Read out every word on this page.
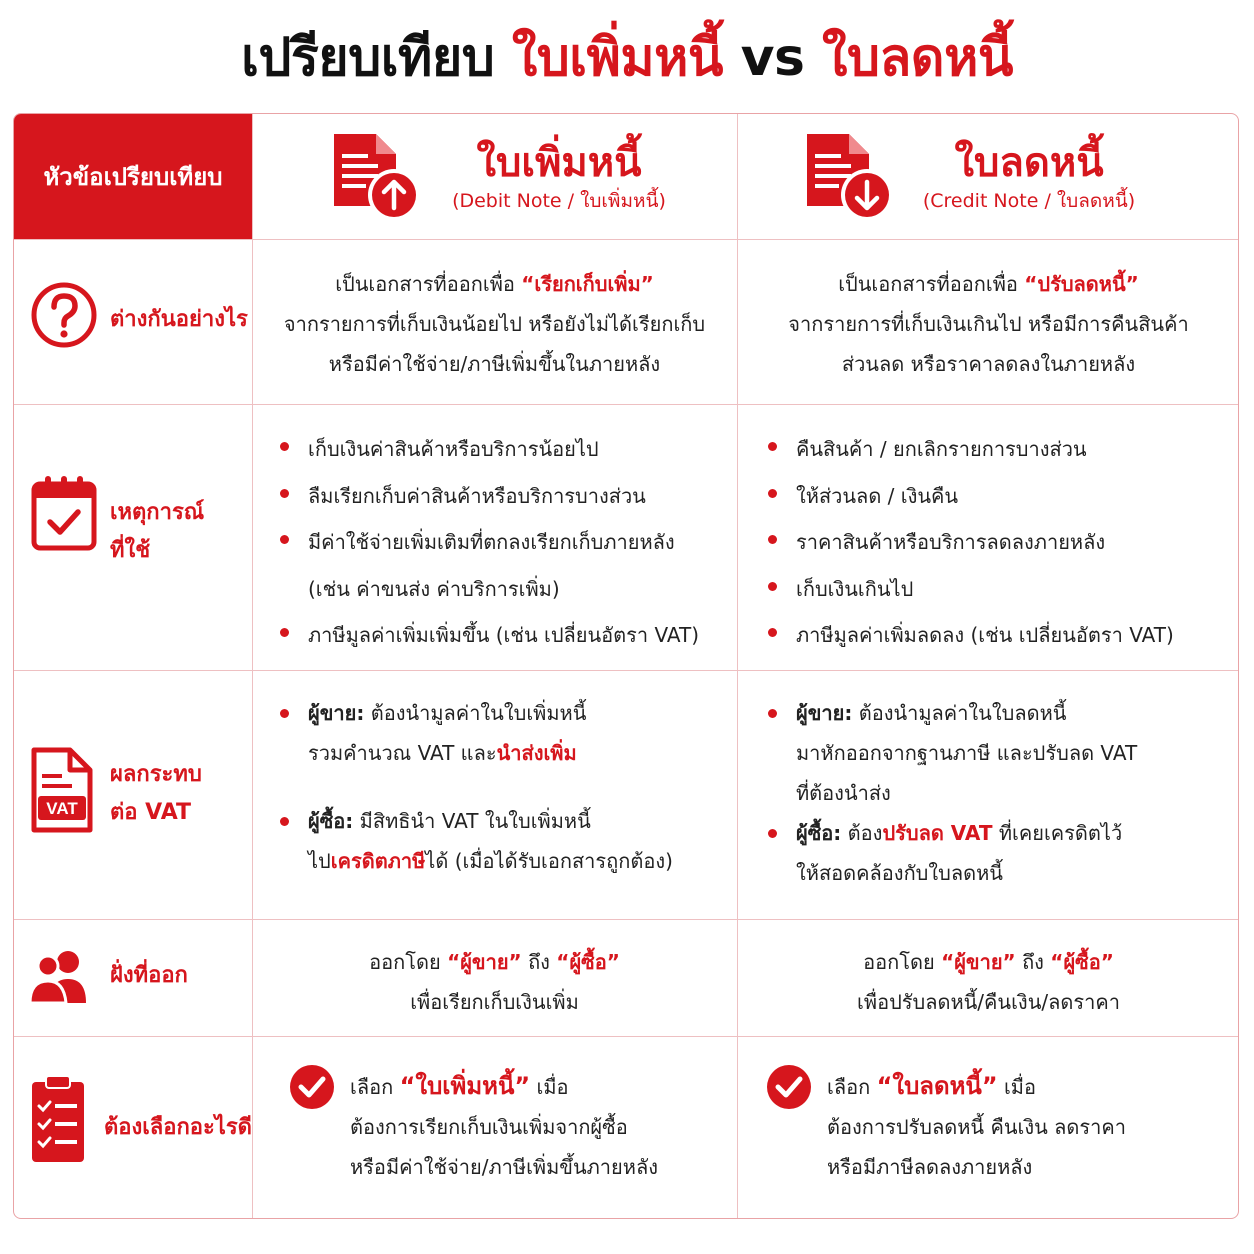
เปรียบเทียบ ใบเพิ่มหนี้ vs ใบลดหนี้
หัวข้อเปรียบเทียบ	ใบเพิ่มหนี้
(Debit Note / ใบเพิ่มหนี้)
ใบลดหนี้
(Credit Note / ใบลดหนี้)
ต่างกันอย่างไร
เป็นเอกสารที่ออกเพื่อ “เรียกเก็บเพิ่ม”
จากรายการที่เก็บเงินน้อยไป หรือยังไม่ได้เรียกเก็บ
หรือมีค่าใช้จ่าย/ภาษีเพิ่มขึ้นในภายหลัง
เป็นเอกสารที่ออกเพื่อ “ปรับลดหนี้”
จากรายการที่เก็บเงินเกินไป หรือมีการคืนสินค้า
ส่วนลด หรือราคาลดลงในภายหลัง
เหตุการณ์
ที่ใช้
เก็บเงินค่าสินค้าหรือบริการน้อยไป
ลืมเรียกเก็บค่าสินค้าหรือบริการบางส่วน
มีค่าใช้จ่ายเพิ่มเติมที่ตกลงเรียกเก็บภายหลัง
(เช่น ค่าขนส่ง ค่าบริการเพิ่ม)
ภาษีมูลค่าเพิ่มเพิ่มขึ้น (เช่น เปลี่ยนอัตรา VAT)
คืนสินค้า / ยกเลิกรายการบางส่วน
ให้ส่วนลด / เงินคืน
ราคาสินค้าหรือบริการลดลงภายหลัง
เก็บเงินเกินไป
ภาษีมูลค่าเพิ่มลดลง (เช่น เปลี่ยนอัตรา VAT)
VAT
ผลกระทบ
ต่อ VAT
ผู้ขาย: ต้องนำมูลค่าในใบเพิ่มหนี้
รวมคำนวณ VAT และนำส่งเพิ่ม
ผู้ซื้อ: มีสิทธินำ VAT ในใบเพิ่มหนี้
ไปเครดิตภาษีได้ (เมื่อได้รับเอกสารถูกต้อง)
ผู้ขาย: ต้องนำมูลค่าในใบลดหนี้
มาหักออกจากฐานภาษี และปรับลด VAT
ที่ต้องนำส่ง
ผู้ซื้อ: ต้องปรับลด VAT ที่เคยเครดิตไว้
ให้สอดคล้องกับใบลดหนี้
ฝั่งที่ออก
ออกโดย “ผู้ขาย” ถึง “ผู้ซื้อ”
เพื่อเรียกเก็บเงินเพิ่ม
ออกโดย “ผู้ขาย” ถึง “ผู้ซื้อ”
เพื่อปรับลดหนี้/คืนเงิน/ลดราคา
ต้องเลือกอะไรดี
เลือก “ใบเพิ่มหนี้” เมื่อ
ต้องการเรียกเก็บเงินเพิ่มจากผู้ซื้อ
หรือมีค่าใช้จ่าย/ภาษีเพิ่มขึ้นภายหลัง
เลือก “ใบลดหนี้” เมื่อ
ต้องการปรับลดหนี้ คืนเงิน ลดราคา
หรือมีภาษีลดลงภายหลัง
